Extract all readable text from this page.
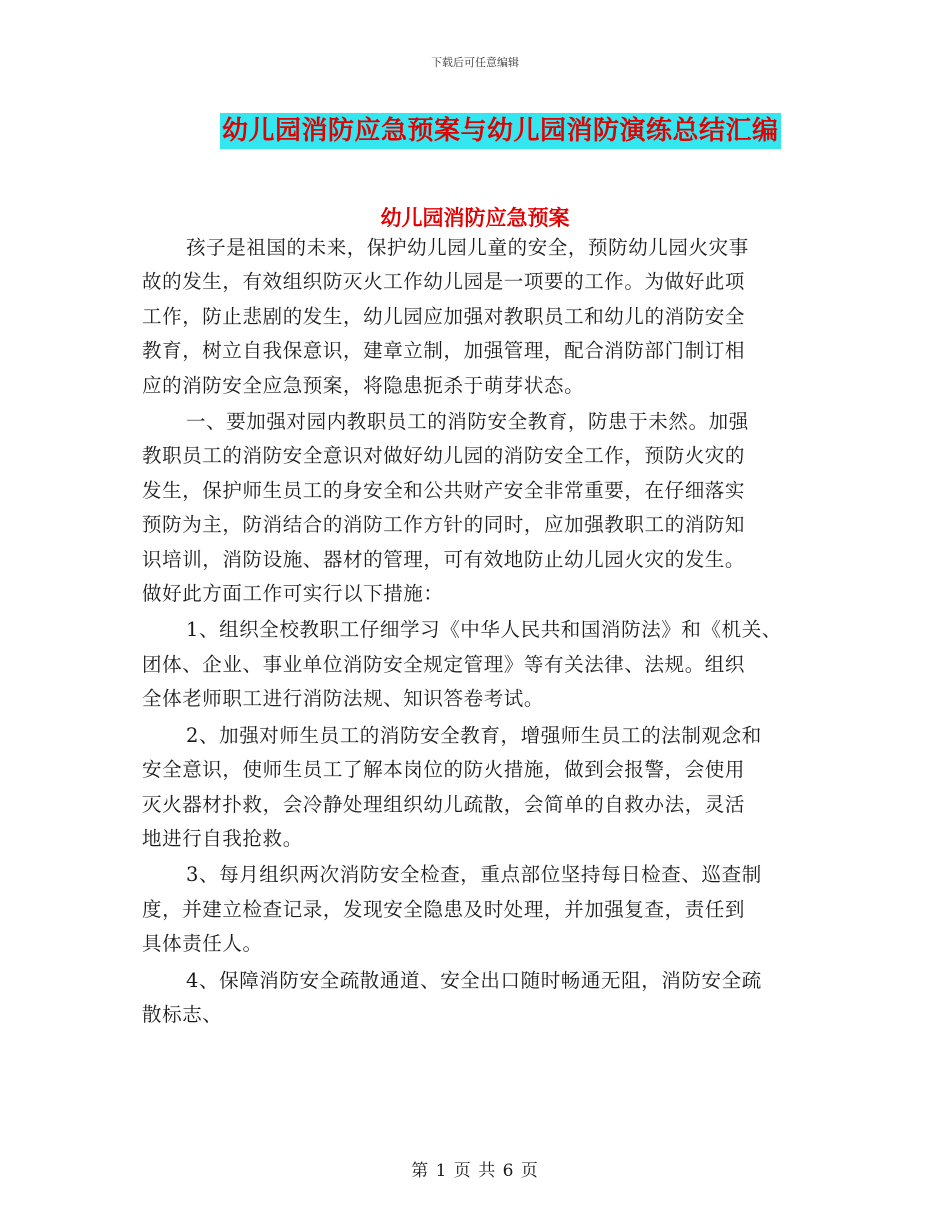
下载后可任意编辑
幼儿园消防应急预案与幼儿园消防演练总结汇编
幼儿园消防应急预案
孩子是祖国的未来，保护幼儿园儿童的安全，预防幼儿园火灾事
故的发生，有效组织防灭火工作幼儿园是一项要的工作。为做好此项
工作，防止悲剧的发生，幼儿园应加强对教职员工和幼儿的消防安全
教育，树立自我保意识，建章立制，加强管理，配合消防部门制订相
应的消防安全应急预案，将隐患扼杀于萌芽状态。
一、要加强对园内教职员工的消防安全教育，防患于未然。加强
教职员工的消防安全意识对做好幼儿园的消防安全工作，预防火灾的
发生，保护师生员工的身安全和公共财产安全非常重要，在仔细落实
预防为主，防消结合的消防工作方针的同时，应加强教职工的消防知
识培训，消防设施、器材的管理，可有效地防止幼儿园火灾的发生。
做好此方面工作可实行以下措施：
1、组织全校教职工仔细学习《中华人民共和国消防法》和《机关、
团体、企业、事业单位消防安全规定管理》等有关法律、法规。组织
全体老师职工进行消防法规、知识答卷考试。
2、加强对师生员工的消防安全教育，增强师生员工的法制观念和
安全意识，使师生员工了解本岗位的防火措施，做到会报警，会使用
灭火器材扑救，会冷静处理组织幼儿疏散，会简单的自救办法，灵活
地进行自我抢救。
3、每月组织两次消防安全检查，重点部位坚持每日检查、巡查制
度，并建立检查记录，发现安全隐患及时处理，并加强复查，责任到
具体责任人。
4、保障消防安全疏散通道、安全出口随时畅通无阻，消防安全疏
散标志、
第 1 页 共 6 页
